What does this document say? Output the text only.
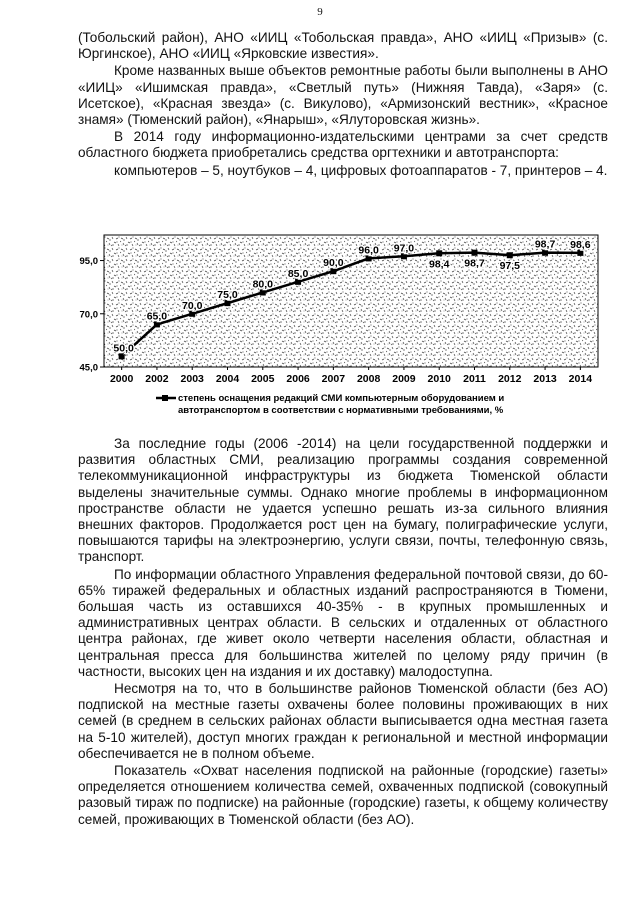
9

(Тобольский район), АНО «ИИЦ «Тобольская правда», АНО «ИИЦ «Призыв» (с. Юргинское), АНО «ИИЦ «Ярковские известия».

Кроме названных выше объектов ремонтные работы были выполнены в АНО «ИИЦ» «Ишимская правда», «Светлый путь» (Нижняя Тавда), «Заря» (с. Исетское), «Красная звезда» (с. Викулово), «Армизонский вестник», «Красное знамя» (Тюменский район), «Янарыш», «Ялуторовская жизнь».

В 2014 году информационно-издательскими центрами за счет средств областного бюджета приобретались средства оргтехники и автотранспорта:

компьютеров – 5, ноутбуков – 4, цифровых фотоаппаратов - 7, принтеров – 4.

45,0
70,0
95,0
2000 2002 2003 2004 2005 2006 2007 2008 2009 2010 2011 2012 2013 2014
50,0
65,0
70,0
75,0
80,0
85,0
90,0
96,0 97,0
98,4 98,7 97,5
98,7 98,6
степень оснащения редакций СМИ компьютерным оборудованием и
автотранспортом в соответствии с нормативными требованиями, %

За последние годы (2006 -2014) на цели государственной поддержки и развития областных СМИ, реализацию программы создания современной телекоммуникационной инфраструктуры из бюджета Тюменской области выделены значительные суммы. Однако многие проблемы в информационном пространстве области не удается успешно решать из-за сильного влияния внешних факторов. Продолжается рост цен на бумагу, полиграфические услуги, повышаются тарифы на электроэнергию, услуги связи, почты, телефонную связь, транспорт.

По информации областного Управления федеральной почтовой связи, до 60-65% тиражей федеральных и областных изданий распространяются в Тюмени, большая часть из оставшихся 40-35% - в крупных промышленных и административных центрах области. В сельских и отдаленных от областного центра районах, где живет около четверти населения области, областная и центральная пресса для большинства жителей по целому ряду причин (в частности, высоких цен на издания и их доставку) малодоступна.

Несмотря на то, что в большинстве районов Тюменской области (без АО) подпиской на местные газеты охвачены более половины проживающих в них семей (в среднем в сельских районах области выписывается одна местная газета на 5-10 жителей), доступ многих граждан к региональной и местной информации обеспечивается не в полном объеме.

Показатель «Охват населения подпиской на районные (городские) газеты» определяется отношением количества семей, охваченных подпиской (совокупный разовый тираж по подписке) на районные (городские) газеты, к общему количеству семей, проживающих в Тюменской области (без АО).
